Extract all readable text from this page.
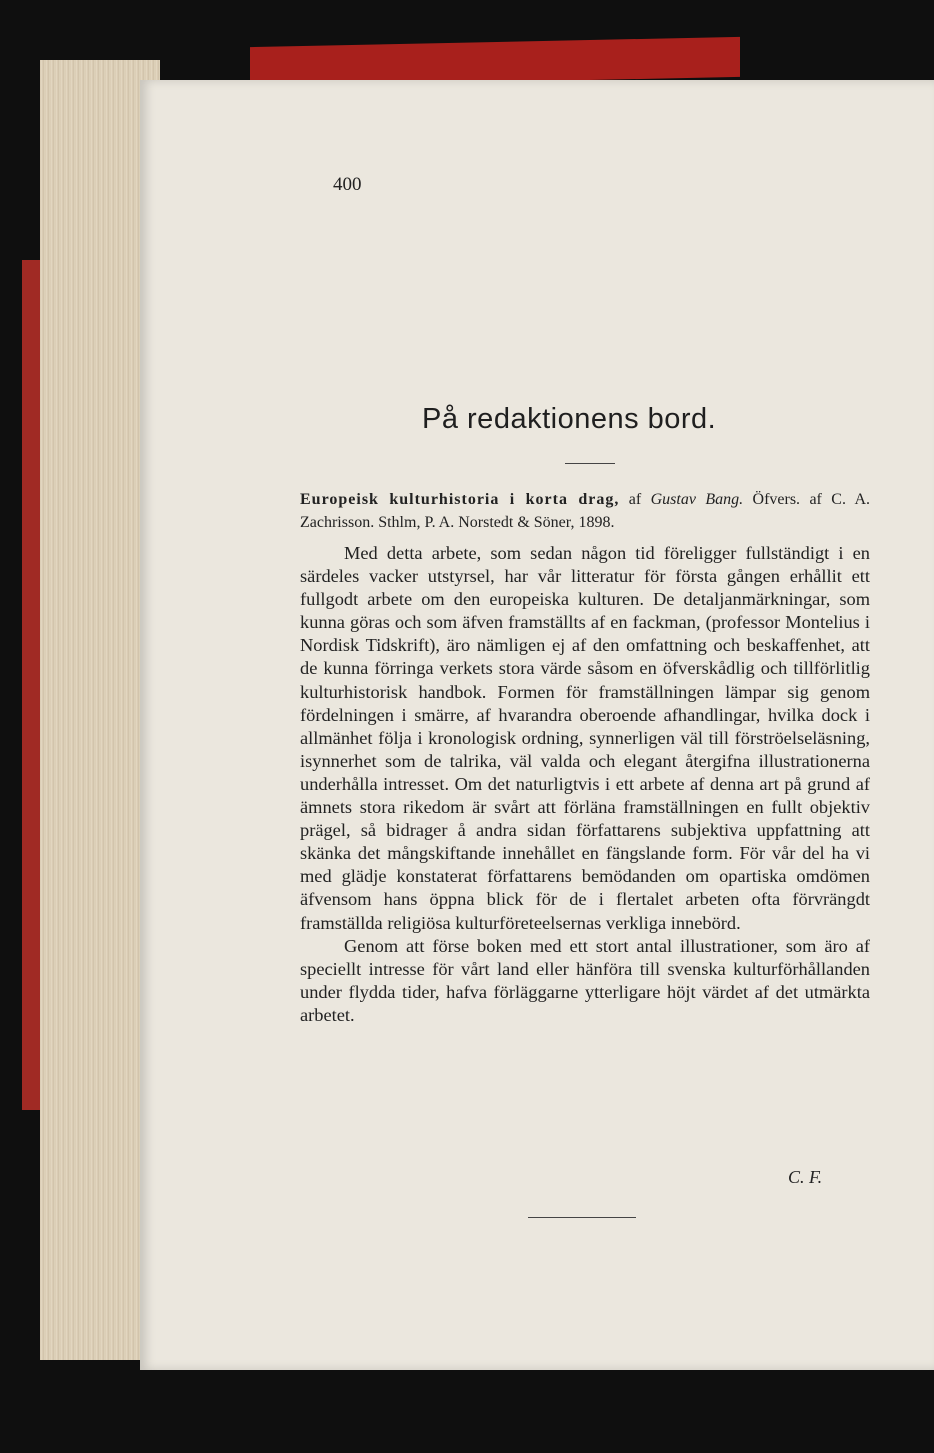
400
På redaktionens bord.
Europeisk kulturhistoria i korta drag, af Gustav Bang. Öfvers. af C. A. Zachrisson. Sthlm, P. A. Norstedt & Söner, 1898.

Med detta arbete, som sedan någon tid föreligger fullständigt i en särdeles vacker utstyrsel, har vår litteratur för första gången erhållit ett fullgodt arbete om den europeiska kulturen. De detaljanmärkningar, som kunna göras och som äfven framställts af en fackman, (professor Montelius i Nordisk Tidskrift), äro nämligen ej af den omfattning och beskaffenhet, att de kunna förringa verkets stora värde såsom en öfverskådlig och tillförlitlig kulturhistorisk handbok. Formen för framställningen lämpar sig genom fördelningen i smärre, af hvarandra oberoende afhandlingar, hvilka dock i allmänhet följa i kronologisk ordning, synnerligen väl till förströelseläsning, isynnerhet som de talrika, väl valda och elegant återgifna illustrationerna underhålla intresset. Om det naturligtvis i ett arbete af denna art på grund af ämnets stora rikedom är svårt att förläna framställningen en fullt objektiv prägel, så bidrager å andra sidan författarens subjektiva uppfattning att skänka det mångskiftande innehållet en fängslande form. För vår del ha vi med glädje konstaterat författarens bemödanden om opartiska omdömen äfvensom hans öppna blick för de i flertalet arbeten ofta förvrängdt framställda religiösa kulturföreteelsernas verkliga innebörd.

Genom att förse boken med ett stort antal illustrationer, som äro af speciellt intresse för vårt land eller hänföra till svenska kulturförhållanden under flydda tider, hafva förläggarne ytterligare höjt värdet af det utmärkta arbetet.

C. F.
